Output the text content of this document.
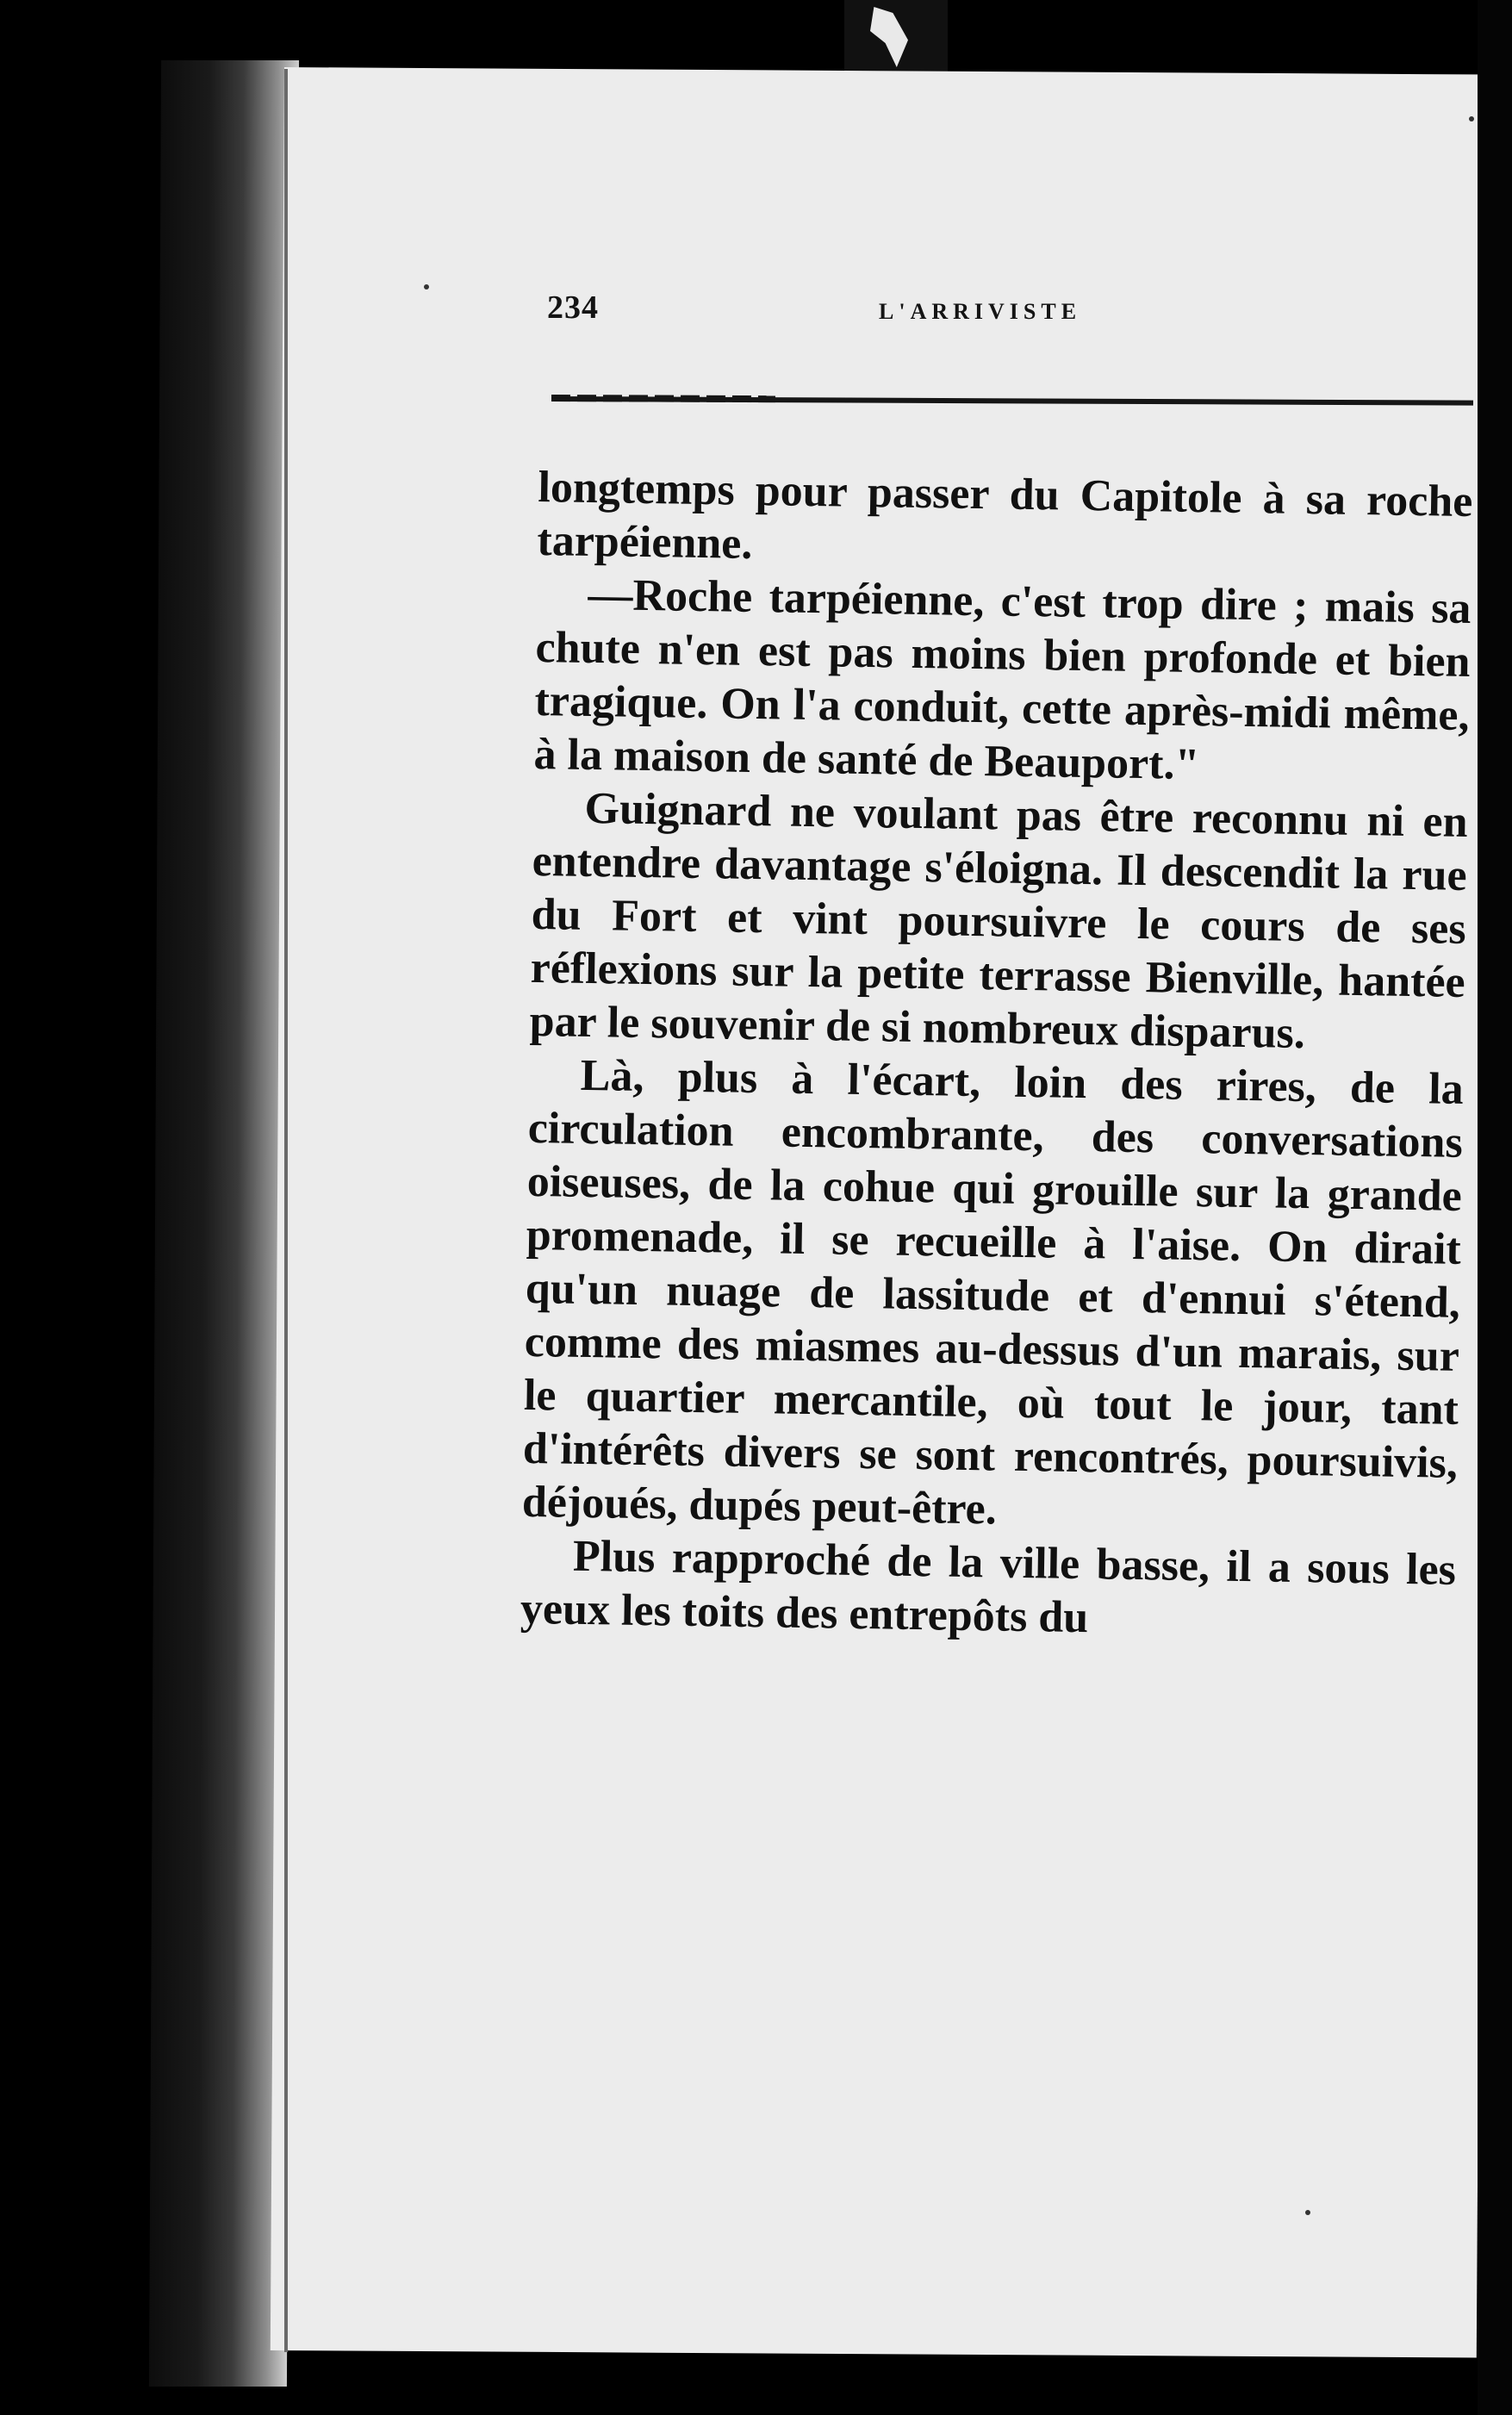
234	L'ARRIVISTE

longtemps pour passer du Capitole à sa roche tarpéienne.

—Roche tarpéienne, c'est trop dire ; mais sa chute n'en est pas moins bien profonde et bien tragique. On l'a conduit, cette après-midi même, à la maison de santé de Beauport."

Guignard ne voulant pas être reconnu ni en entendre davantage s'éloigna. Il descendit la rue du Fort et vint poursuivre le cours de ses réflexions sur la petite terrasse Bienville, hantée par le souvenir de si nombreux disparus.

Là, plus à l'écart, loin des rires, de la circulation encombrante, des conversations oiseuses, de la cohue qui grouille sur la grande promenade, il se recueille à l'aise. On dirait qu'un nuage de lassitude et d'ennui s'étend, comme des miasmes au-dessus d'un marais, sur le quartier mercantile, où tout le jour, tant d'intérêts divers se sont rencontrés, poursuivis, déjoués, dupés peut-être.

Plus rapproché de la ville basse, il a sous les yeux les toits des entrepôts du
